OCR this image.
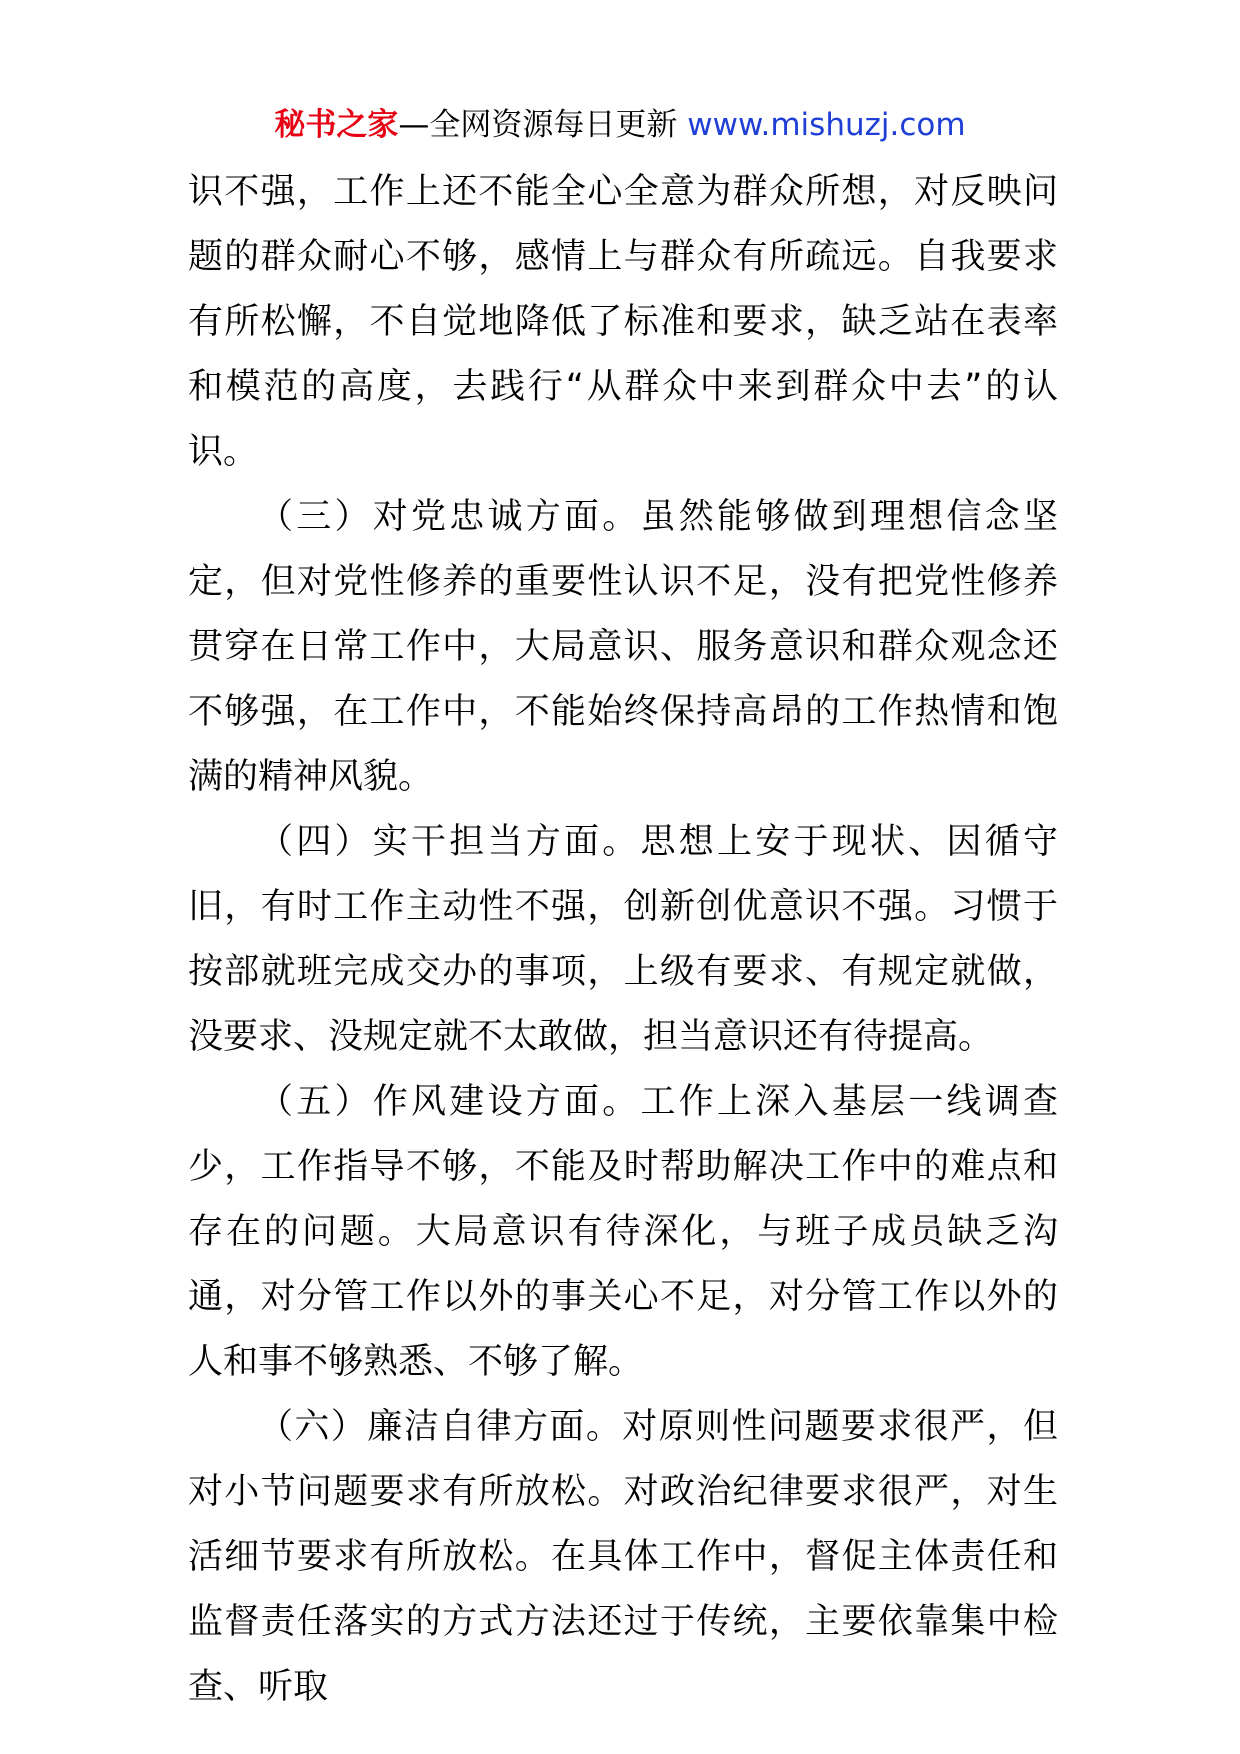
秘书之家—全网资源每日更新 www.mishuzj.com

识不强，工作上还不能全心全意为群众所想，对反映问题的群众耐心不够，感情上与群众有所疏远。自我要求有所松懈，不自觉地降低了标准和要求，缺乏站在表率和模范的高度，去践行“从群众中来到群众中去”的认识。

（三）对党忠诚方面。虽然能够做到理想信念坚定，但对党性修养的重要性认识不足，没有把党性修养贯穿在日常工作中，大局意识、服务意识和群众观念还不够强，在工作中，不能始终保持高昂的工作热情和饱满的精神风貌。

（四）实干担当方面。思想上安于现状、因循守旧，有时工作主动性不强，创新创优意识不强。习惯于按部就班完成交办的事项，上级有要求、有规定就做，没要求、没规定就不太敢做，担当意识还有待提高。

（五）作风建设方面。工作上深入基层一线调查少，工作指导不够，不能及时帮助解决工作中的难点和存在的问题。大局意识有待深化，与班子成员缺乏沟通，对分管工作以外的事关心不足，对分管工作以外的人和事不够熟悉、不够了解。

（六）廉洁自律方面。对原则性问题要求很严，但对小节问题要求有所放松。对政治纪律要求很严，对生活细节要求有所放松。在具体工作中，督促主体责任和监督责任落实的方式方法还过于传统，主要依靠集中检查、听取
